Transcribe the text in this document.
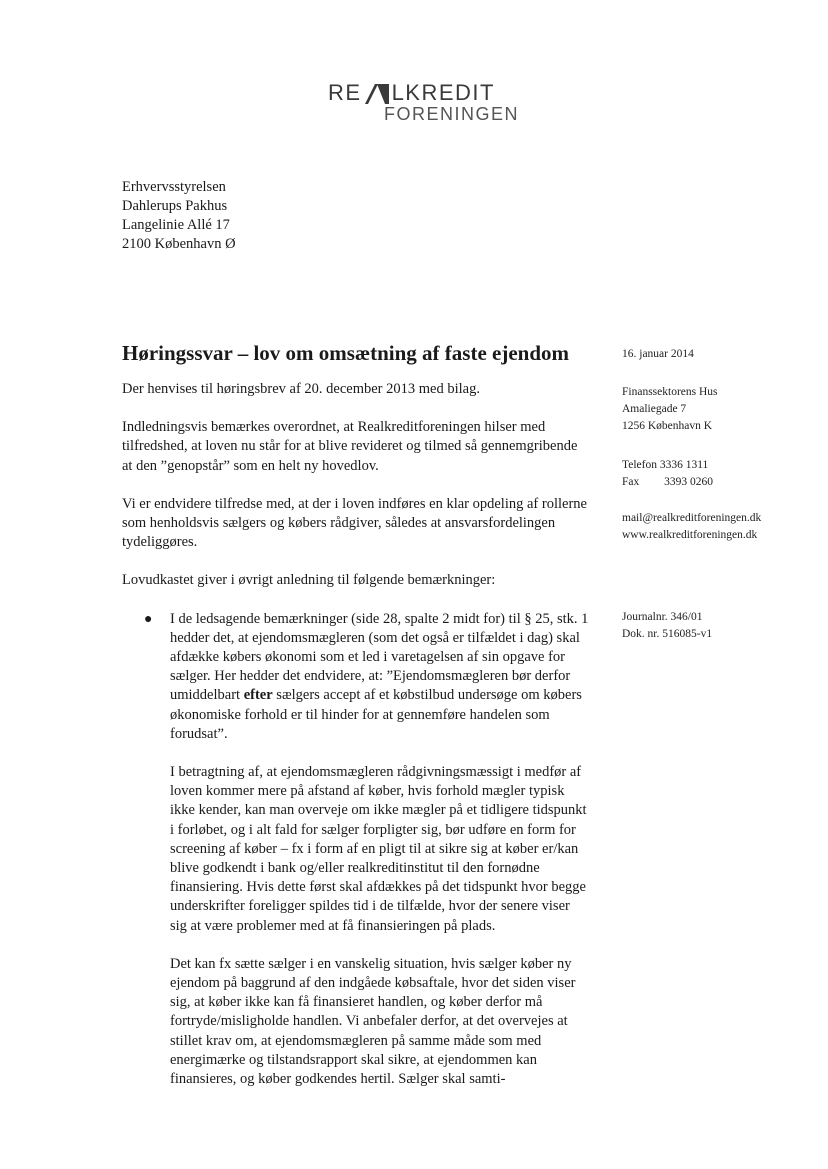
RE LKREDIT
FORENINGEN
Erhvervsstyrelsen
Dahlerups Pakhus
Langelinie Allé 17
2100 København Ø
Høringssvar – lov om omsætning af faste ejendom	16. januar 2014
Finanssektorens Hus
Amaliegade 7
1256 København K
Telefon 3336 1311
Fax 3393 0260
mail@realkreditforeningen.dk
www.realkreditforeningen.dk
Journalnr. 346/01
Dok. nr. 516085-v1

Der henvises til høringsbrev af 20. december 2013 med bilag.

Indledningsvis bemærkes overordnet, at Realkreditforeningen hilser med tilfredshed, at loven nu står for at blive revideret og tilmed så gennemgribende at den ”genopstår” som en helt ny hovedlov.

Vi er endvidere tilfredse med, at der i loven indføres en klar opdeling af rollerne som henholdsvis sælgers og købers rådgiver, således at ansvarsfordelingen tydeliggøres.

Lovudkastet giver i øvrigt anledning til følgende bemærkninger:

● I de ledsagende bemærkninger (side 28, spalte 2 midt for) til § 25, stk. 1 hedder det, at ejendomsmægleren (som det også er tilfældet i dag) skal afdække købers økonomi som et led i varetagelsen af sin opgave for sælger. Her hedder det endvidere, at: ”Ejendomsmægleren bør derfor umiddelbart efter sælgers accept af et købstilbud undersøge om købers økonomiske forhold er til hinder for at gennemføre handelen som forudsat”.

I betragtning af, at ejendomsmægleren rådgivningsmæssigt i medfør af loven kommer mere på afstand af køber, hvis forhold mægler typisk ikke kender, kan man overveje om ikke mægler på et tidligere tidspunkt i forløbet, og i alt fald for sælger forpligter sig, bør udføre en form for screening af køber – fx i form af en pligt til at sikre sig at køber er/kan blive godkendt i bank og/eller realkreditinstitut til den fornødne finansiering. Hvis dette først skal afdækkes på det tidspunkt hvor begge underskrifter foreligger spildes tid i de tilfælde, hvor der senere viser sig at være problemer med at få finansieringen på plads.

Det kan fx sætte sælger i en vanskelig situation, hvis sælger køber ny ejendom på baggrund af den indgåede købsaftale, hvor det siden viser sig, at køber ikke kan få finansieret handlen, og køber derfor må fortryde/misligholde handlen. Vi anbefaler derfor, at det overvejes at stillet krav om, at ejendomsmægleren på samme måde som med energimærke og tilstandsrapport skal sikre, at ejendommen kan finansieres, og køber godkendes hertil. Sælger skal samti-
